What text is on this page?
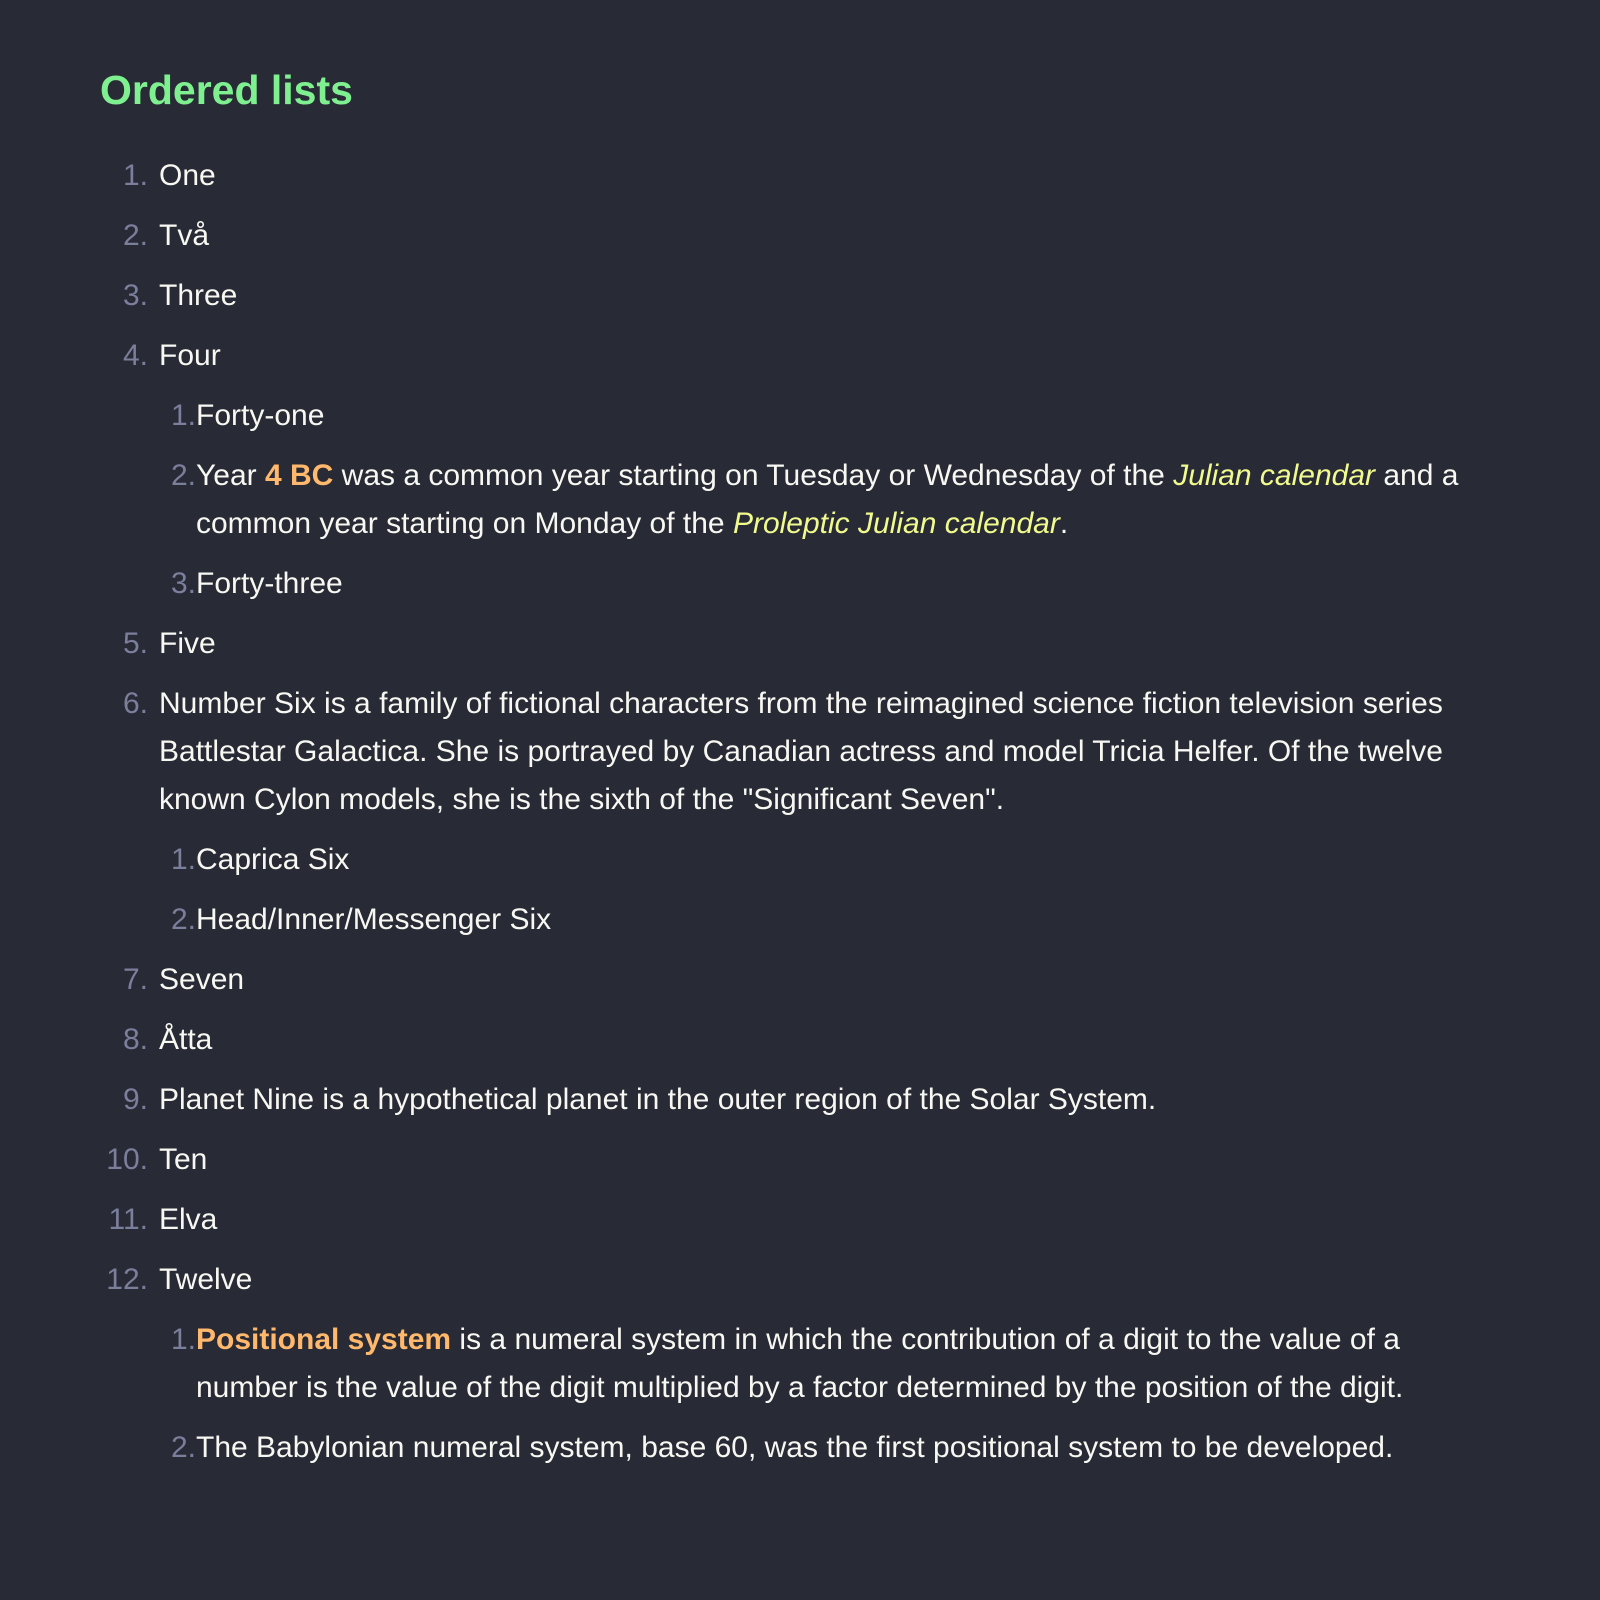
Ordered lists
1. One
2. Två
3. Three
4. Four
1. Forty-one
2. Year 4 BC was a common year starting on Tuesday or Wednesday of the Julian calendar and a common year starting on Monday of the Proleptic Julian calendar.
3. Forty-three
5. Five
6. Number Six is a family of fictional characters from the reimagined science fiction television series Battlestar Galactica. She is portrayed by Canadian actress and model Tricia Helfer. Of the twelve known Cylon models, she is the sixth of the "Significant Seven".
1. Caprica Six
2. Head/Inner/Messenger Six
7. Seven
8. Åtta
9. Planet Nine is a hypothetical planet in the outer region of the Solar System.
10. Ten
11. Elva
12. Twelve
1. Positional system is a numeral system in which the contribution of a digit to the value of a number is the value of the digit multiplied by a factor determined by the position of the digit.
2. The Babylonian numeral system, base 60, was the first positional system to be developed.
